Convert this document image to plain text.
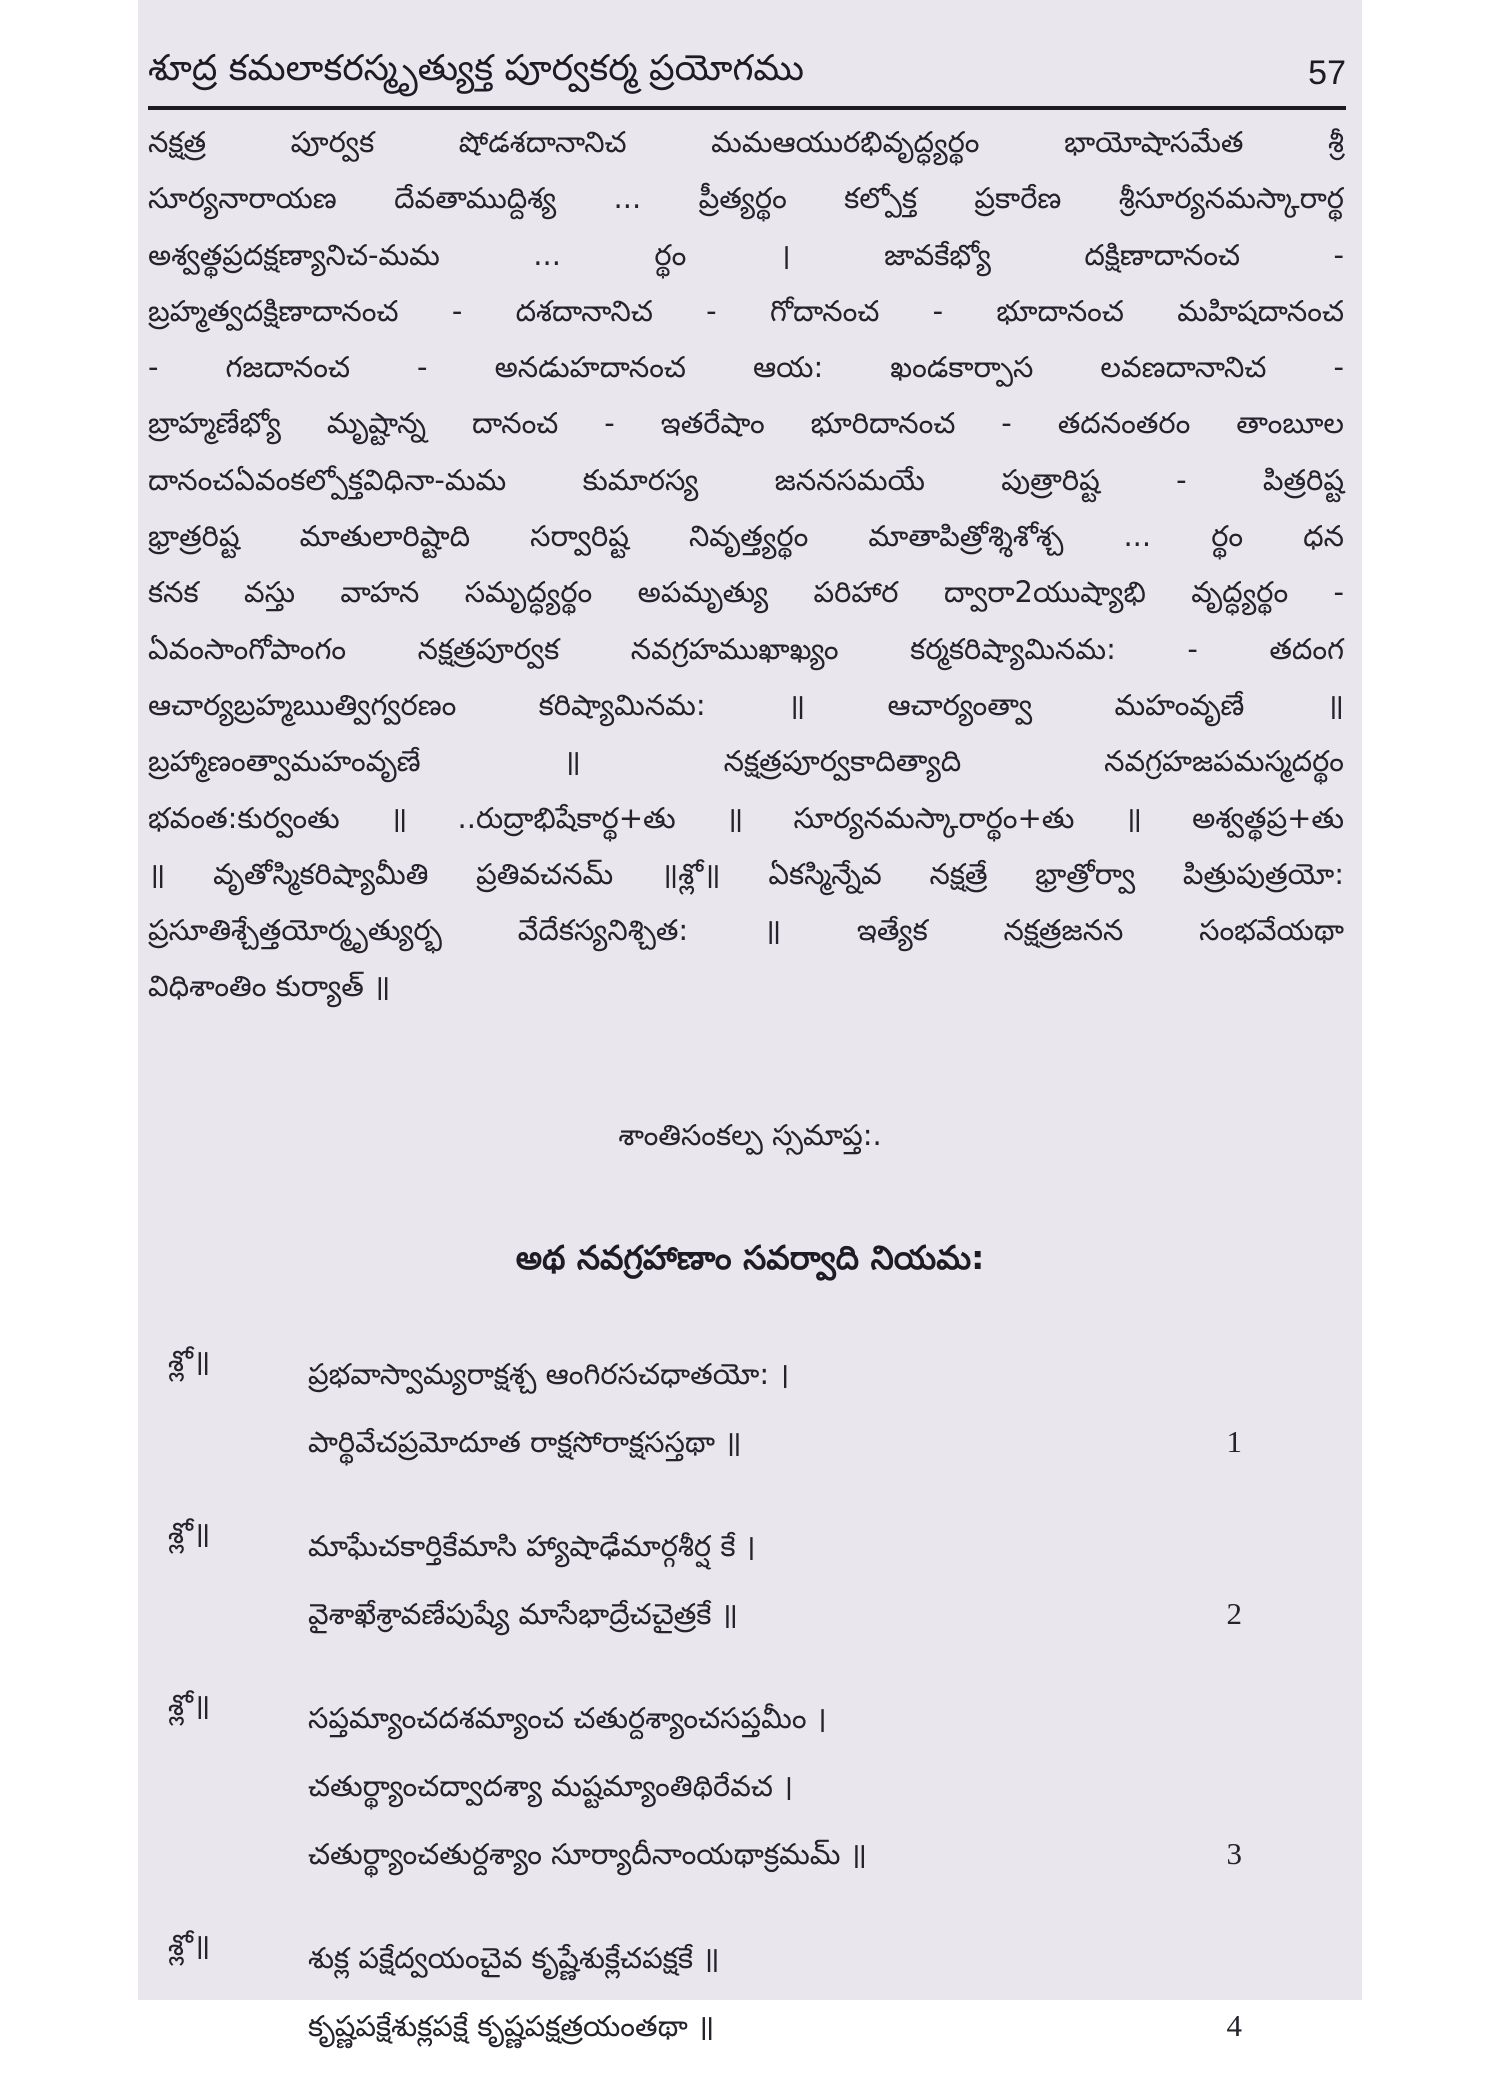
శూద్ర కమలాకరస్మృత్యుక్త పూర్వకర్మ ప్రయోగము	57
నక్షత్ర పూర్వక షోడశదానానిచ మమఆయురభివృద్ధ్యర్థం భాయోషాసమేత శ్రీ
సూర్యనారాయణ దేవతాముద్దిశ్య ... ప్రీత్యర్థం కల్పోక్త ప్రకారేణ శ్రీసూర్యనమస్కారార్థ
అశ్వత్థప్రదక్షణ్యానిచ-మమ ... ర్థం । జావకేభ్యో దక్షిణాదానంచ -
బ్రహ్మత్వదక్షిణాదానంచ - దశదానానిచ - గోదానంచ - భూదానంచ మహిషదానంచ
- గజదానంచ - అనడుహదానంచ ఆయ: ఖండకార్పాస లవణదానానిచ -
బ్రాహ్మణేభ్యో మృష్టాన్న దానంచ - ఇతరేషాం భూరిదానంచ - తదనంతరం తాంబూల
దానంచఏవంకల్పోక్తవిధినా-మమ కుమారస్య జననసమయే పుత్రారిష్ట - పిత్రరిష్ట
భ్రాత్రరిష్ట మాతులారిష్టాది సర్వారిష్ట నివృత్త్యర్థం మాతాపిత్రోశ్శిశోశ్చ ... ర్థం ధన
కనక వస్తు వాహన సమృద్ధ్యర్థం అపమృత్యు పరిహార ద్వారా2యుష్యాభి వృద్ధ్యర్థం -
ఏవంసాంగోపాంగం నక్షత్రపూర్వక నవగ్రహముఖాఖ్యం కర్మకరిష్యామినమ: - తదంగ
ఆచార్యబ్రహ్మఋత్విగ్వరణం కరిష్యామినమ: ॥ ఆచార్యంత్వా మహంవృణే ॥
బ్రహ్మాణంత్వామహంవృణే ॥ నక్షత్రపూర్వకాదిత్యాది నవగ్రహజపమస్మదర్థం
భవంత:కుర్వంతు ॥ ..రుద్రాభిషేకార్థ+తు ॥ సూర్యనమస్కారార్థం+తు ॥ అశ్వత్థప్ర+తు
॥ వృతోస్మికరిష్యామీతి ప్రతివచనమ్ ॥శ్లో॥ ఏకస్మిన్నేవ నక్షత్రే భ్రాత్రోర్వా పిత్రుపుత్రయో:
ప్రసూతిశ్చేత్తయోర్మృత్యుర్భ వేదేకస్యనిశ్చిత: ॥ ఇత్యేక నక్షత్రజనన సంభవేయథా
విధిశాంతిం కుర్యాత్ ॥
శాంతిసంకల్ప స్సమాప్త:.
అథ నవగ్రహాణాం సవర్వాది నియమ:
శ్లో॥	ప్రభవాస్వామ్యరాక్షశ్చ ఆంగిరసచధాతయో: ।
పార్థివేచప్రమోదూత రాక్షసోరాక్షసస్తథా ॥	1
శ్లో॥	మాఘేచకార్తికేమాసి హ్యాషాఢేమార్గశీర్ష కే ।
వైశాఖేశ్రావణేపుష్యే మాసేభాద్రేచచైత్రకే ॥	2
శ్లో॥	సప్తమ్యాంచదశమ్యాంచ చతుర్దశ్యాంచసప్తమీం ।
చతుర్థ్యాంచద్వాదశ్యా మష్టమ్యాంతిథిరేవచ ।
చతుర్థ్యాంచతుర్దశ్యాం సూర్యాదీనాంయథాక్రమమ్ ॥	3
శ్లో॥	శుక్ల పక్షేద్వయంచైవ కృష్ణేశుక్లేచపక్షకే ॥
కృష్ణపక్షేశుక్లపక్షే కృష్ణపక్షత్రయంతథా ॥	4
